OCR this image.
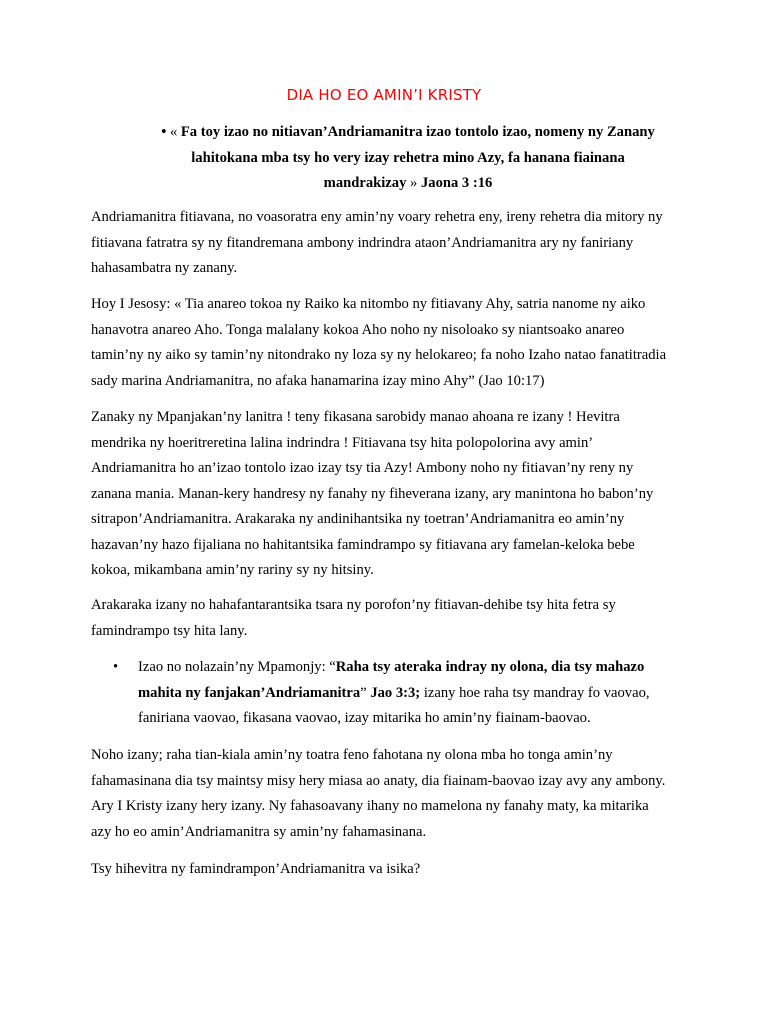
DIA HO EO AMIN’I KRISTY
• « Fa toy izao no nitiavan’Andriamanitra izao tontolo izao, nomeny ny Zanany lahitokana mba tsy ho very izay rehetra mino Azy, fa hanana fiainana mandrakizay » Jaona 3 :16
Andriamanitra fitiavana, no voasoratra eny amin’ny voary rehetra eny, ireny rehetra dia mitory ny fitiavana fatratra sy ny fitandremana ambony indrindra ataon’Andriamanitra ary ny faniriany hahasambatra ny zanany.
Hoy I Jesosy: « Tia anareo tokoa ny Raiko ka nitombo ny fitiavany Ahy, satria nanome ny aiko hanavotra anareo Aho. Tonga malalany kokoa Aho noho ny nisoloako sy niantsoako anareo tamin’ny ny aiko sy tamin’ny nitondrako ny loza sy ny helokareo; fa noho Izaho natao fanatitradia sady marina Andriamanitra, no afaka hanamarina izay mino Ahy” (Jao 10:17)
Zanaky ny Mpanjakan’ny lanitra ! teny fikasana sarobidy manao ahoana re izany ! Hevitra mendrika ny hoeritreretina lalina indrindra ! Fitiavana tsy hita polopolorina avy amin’ Andriamanitra ho an’izao tontolo izao izay tsy tia Azy! Ambony noho ny fitiavan’ny reny ny zanana mania. Manan-kery handresy ny fanahy ny fiheverana izany, ary manintona ho babon’ny sitrapon’Andriamanitra. Arakaraka ny andinihantsika ny toetran’Andriamanitra eo amin’ny hazavan’ny hazo fijaliana no hahitantsika famindrampo sy fitiavana ary famelan-keloka bebe kokoa, mikambana amin’ny rariny sy ny hitsiny.
Arakaraka izany no hahafantarantsika tsara ny porofon’ny fitiavan-dehibe tsy hita fetra sy famindrampo tsy hita lany.
• Izao no nolazain’ny Mpamonjy: “Raha tsy ateraka indray ny olona, dia tsy mahazo mahita ny fanjakan’Andriamanitra” Jao 3:3; izany hoe raha tsy mandray fo vaovao, faniriana vaovao, fikasana vaovao, izay mitarika ho amin’ny fiainam-baovao.
Noho izany; raha tian-kiala amin’ny toatra feno fahotana ny olona mba ho tonga amin’ny fahamasinana dia tsy maintsy misy hery miasa ao anaty, dia fiainam-baovao izay avy any ambony. Ary I Kristy izany hery izany. Ny fahasoavany ihany no mamelona ny fanahy maty, ka mitarika azy ho eo amin’Andriamanitra sy amin’ny fahamasinana.
Tsy hihevitra ny famindrampon’Andriamanitra va isika?
